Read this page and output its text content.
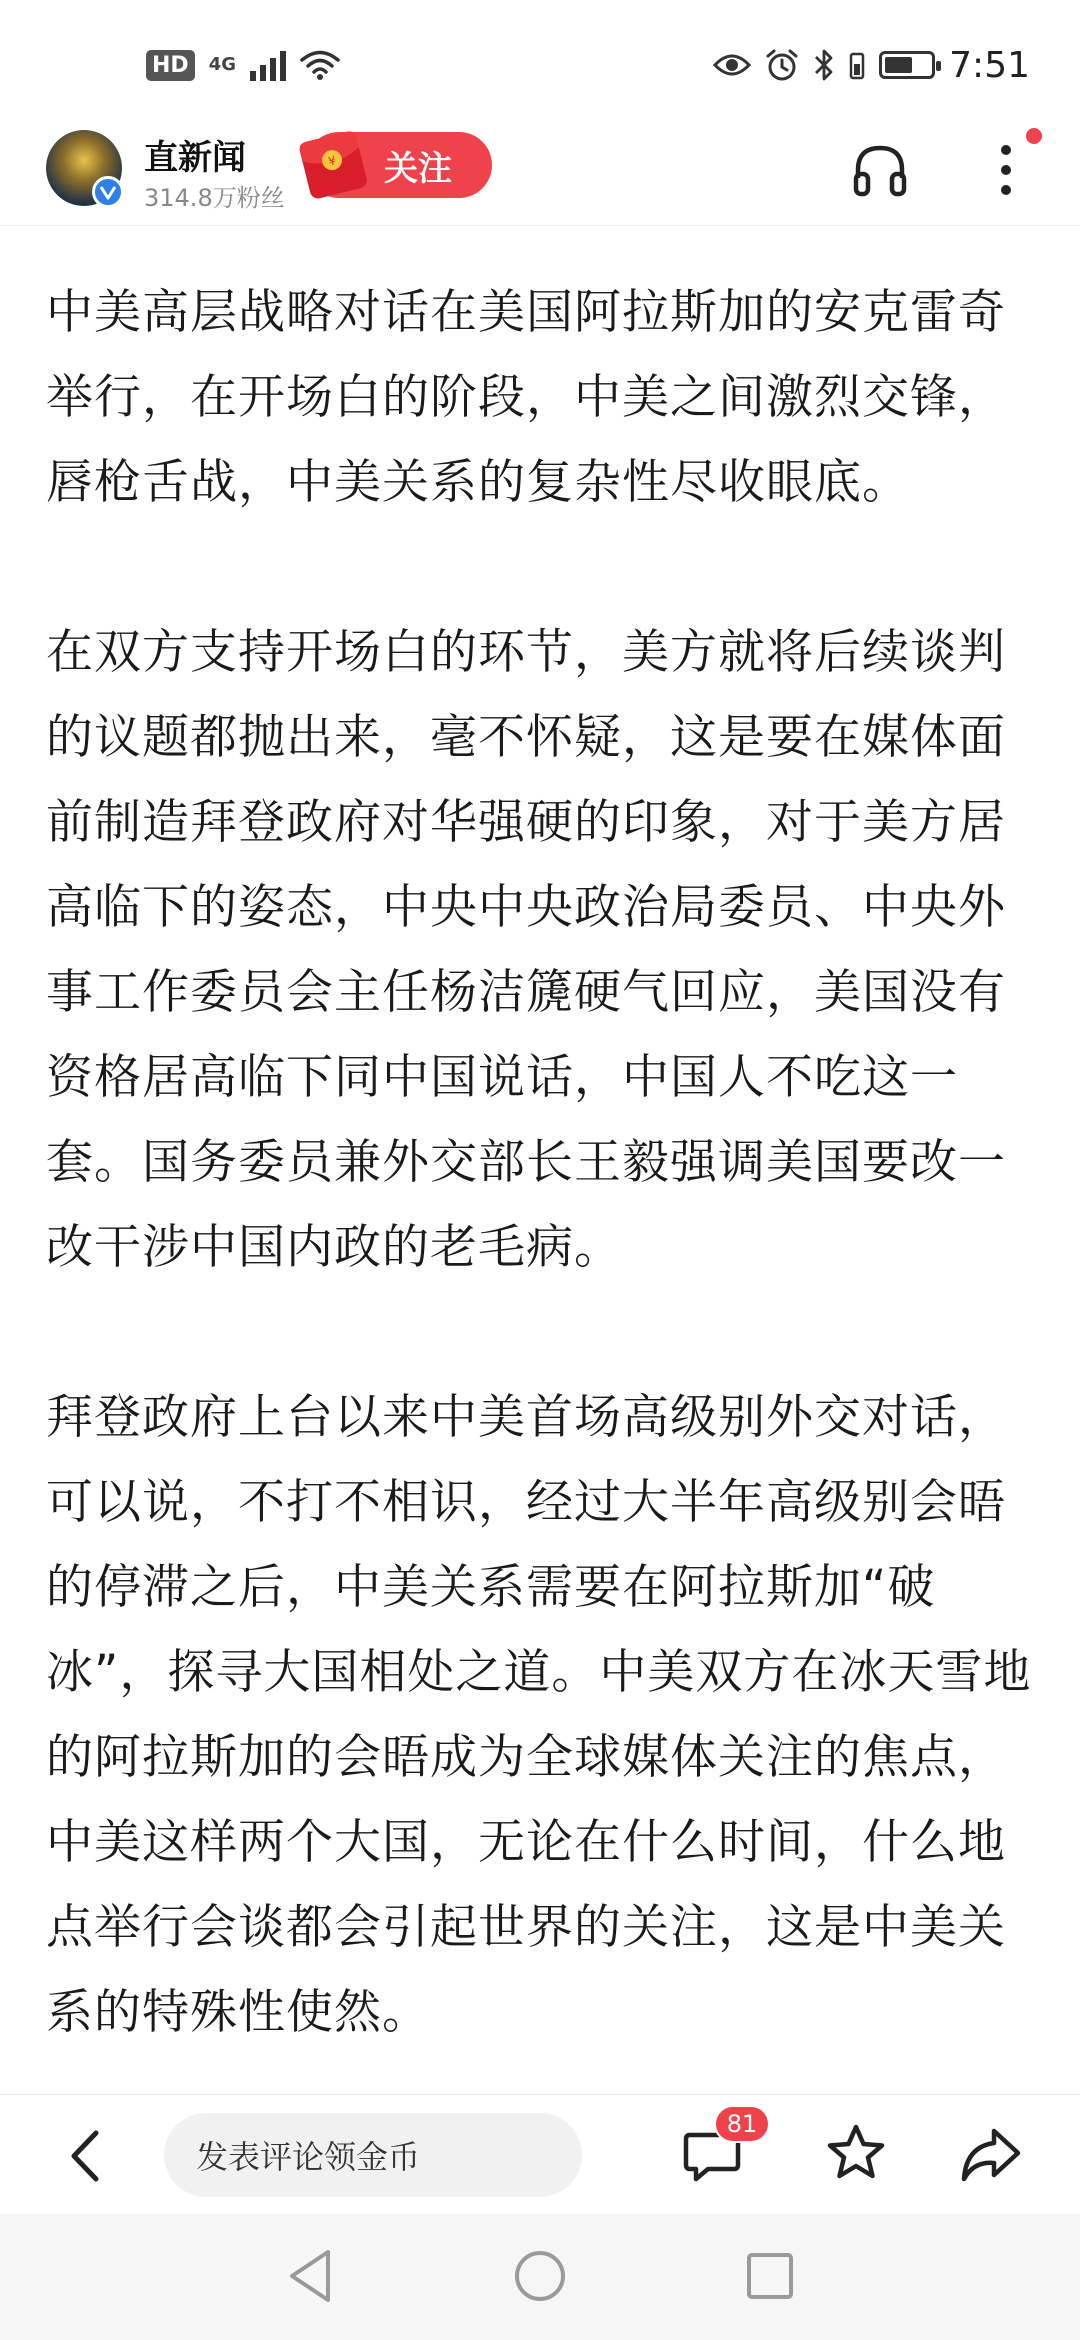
HD	4G	7:51
直新闻
314.8万粉丝
关注
¥

中美高层战略对话在美国阿拉斯加的安克雷奇举行，在开场白的阶段，中美之间激烈交锋，唇枪舌战，中美关系的复杂性尽收眼底。

在双方支持开场白的环节，美方就将后续谈判的议题都抛出来，毫不怀疑，这是要在媒体面前制造拜登政府对华强硬的印象，对于美方居高临下的姿态，中央中央政治局委员、中央外事工作委员会主任杨洁篪硬气回应，美国没有资格居高临下同中国说话，中国人不吃这一套。国务委员兼外交部长王毅强调美国要改一改干涉中国内政的老毛病。

拜登政府上台以来中美首场高级别外交对话，可以说，不打不相识，经过大半年高级别会晤的停滞之后，中美关系需要在阿拉斯加“破冰”，探寻大国相处之道。中美双方在冰天雪地的阿拉斯加的会晤成为全球媒体关注的焦点，中美这样两个大国，无论在什么时间，什么地点举行会谈都会引起世界的关注，这是中美关系的特殊性使然。

发表评论领金币
81
